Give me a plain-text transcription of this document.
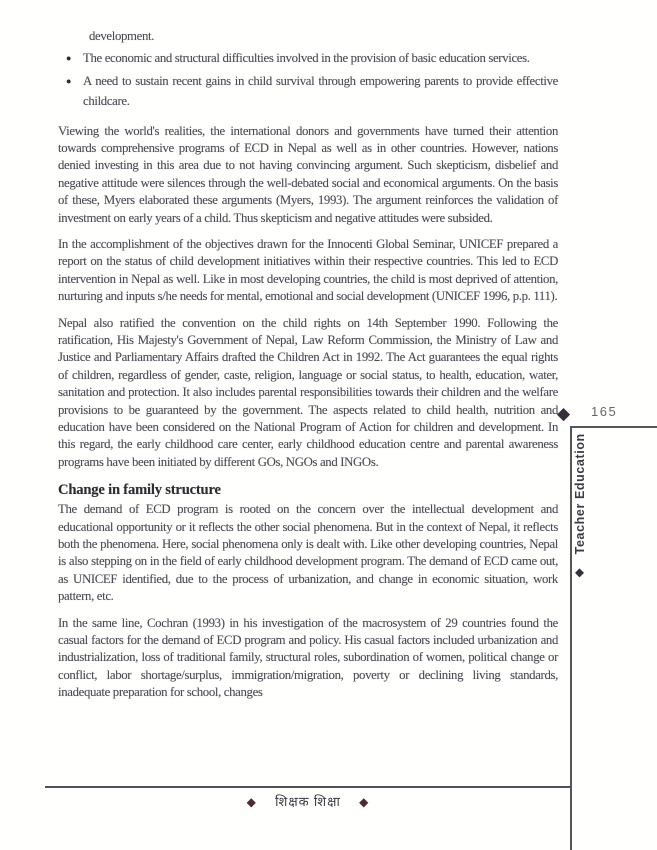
development.
● The economic and structural difficulties involved in the provision of basic education services.
● A need to sustain recent gains in child survival through empowering parents to provide effective childcare.

Viewing the world's realities, the international donors and governments have turned their attention towards comprehensive programs of ECD in Nepal as well as in other countries. However, nations denied investing in this area due to not having convincing argument. Such skepticism, disbelief and negative attitude were silences through the well-debated social and economical arguments. On the basis of these, Myers elaborated these arguments (Myers, 1993). The argument reinforces the validation of investment on early years of a child. Thus skepticism and negative attitudes were subsided.

In the accomplishment of the objectives drawn for the Innocenti Global Seminar, UNICEF prepared a report on the status of child development initiatives within their respective countries. This led to ECD intervention in Nepal as well. Like in most developing countries, the child is most deprived of attention, nurturing and inputs s/he needs for mental, emotional and social development (UNICEF 1996, p.p. 111).

Nepal also ratified the convention on the child rights on 14th September 1990. Following the ratification, His Majesty's Government of Nepal, Law Reform Commission, the Ministry of Law and Justice and Parliamentary Affairs drafted the Children Act in 1992. The Act guarantees the equal rights of children, regardless of gender, caste, religion, language or social status, to health, education, water, sanitation and protection. It also includes parental responsibilities towards their children and the welfare provisions to be guaranteed by the government. The aspects related to child health, nutrition and education have been considered on the National Program of Action for children and development. In this regard, the early childhood care center, early childhood education centre and parental awareness programs have been initiated by different GOs, NGOs and INGOs.

Change in family structure

The demand of ECD program is rooted on the concern over the intellectual development and educational opportunity or it reflects the other social phenomena. But in the context of Nepal, it reflects both the phenomena. Here, social phenomena only is dealt with. Like other developing countries, Nepal is also stepping on in the field of early childhood development program. The demand of ECD came out, as UNICEF identified, due to the process of urbanization, and change in economic situation, work pattern, etc.

In the same line, Cochran (1993) in his investigation of the macrosystem of 29 countries found the casual factors for the demand of ECD program and policy. His casual factors included urbanization and industrialization, loss of traditional family, structural roles, subordination of women, political change or conflict, labor shortage/surplus, immigration/migration, poverty or declining living standards, inadequate preparation for school, changes

◆ 165
◆ Teacher Education
◆ शिक्षक शिक्षा ◆
